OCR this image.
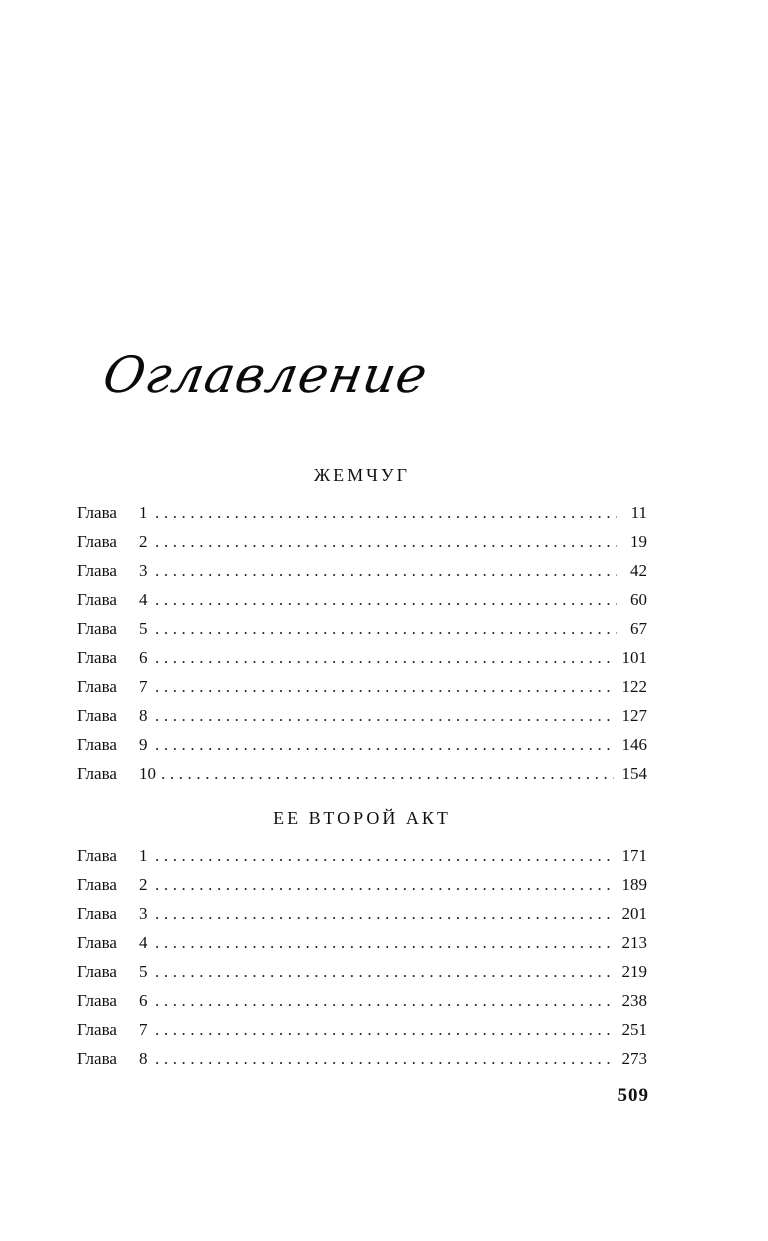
Оглавление
ЖЕМЧУГ
Глава	1 .....	11
Глава	2 .....	19
Глава	3 .....	42
Глава	4 .....	60
Глава	5 .....	67
Глава	6 .....	101
Глава	7 .....	122
Глава	8 .....	127
Глава	9 .....	146
Глава	10 .....	154
ЕЕ ВТОРОЙ АКТ
Глава	1 .....	171
Глава	2 .....	189
Глава	3 .....	201
Глава	4 .....	213
Глава	5 .....	219
Глава	6 .....	238
Глава	7 .....	251
Глава	8 .....	273
509
